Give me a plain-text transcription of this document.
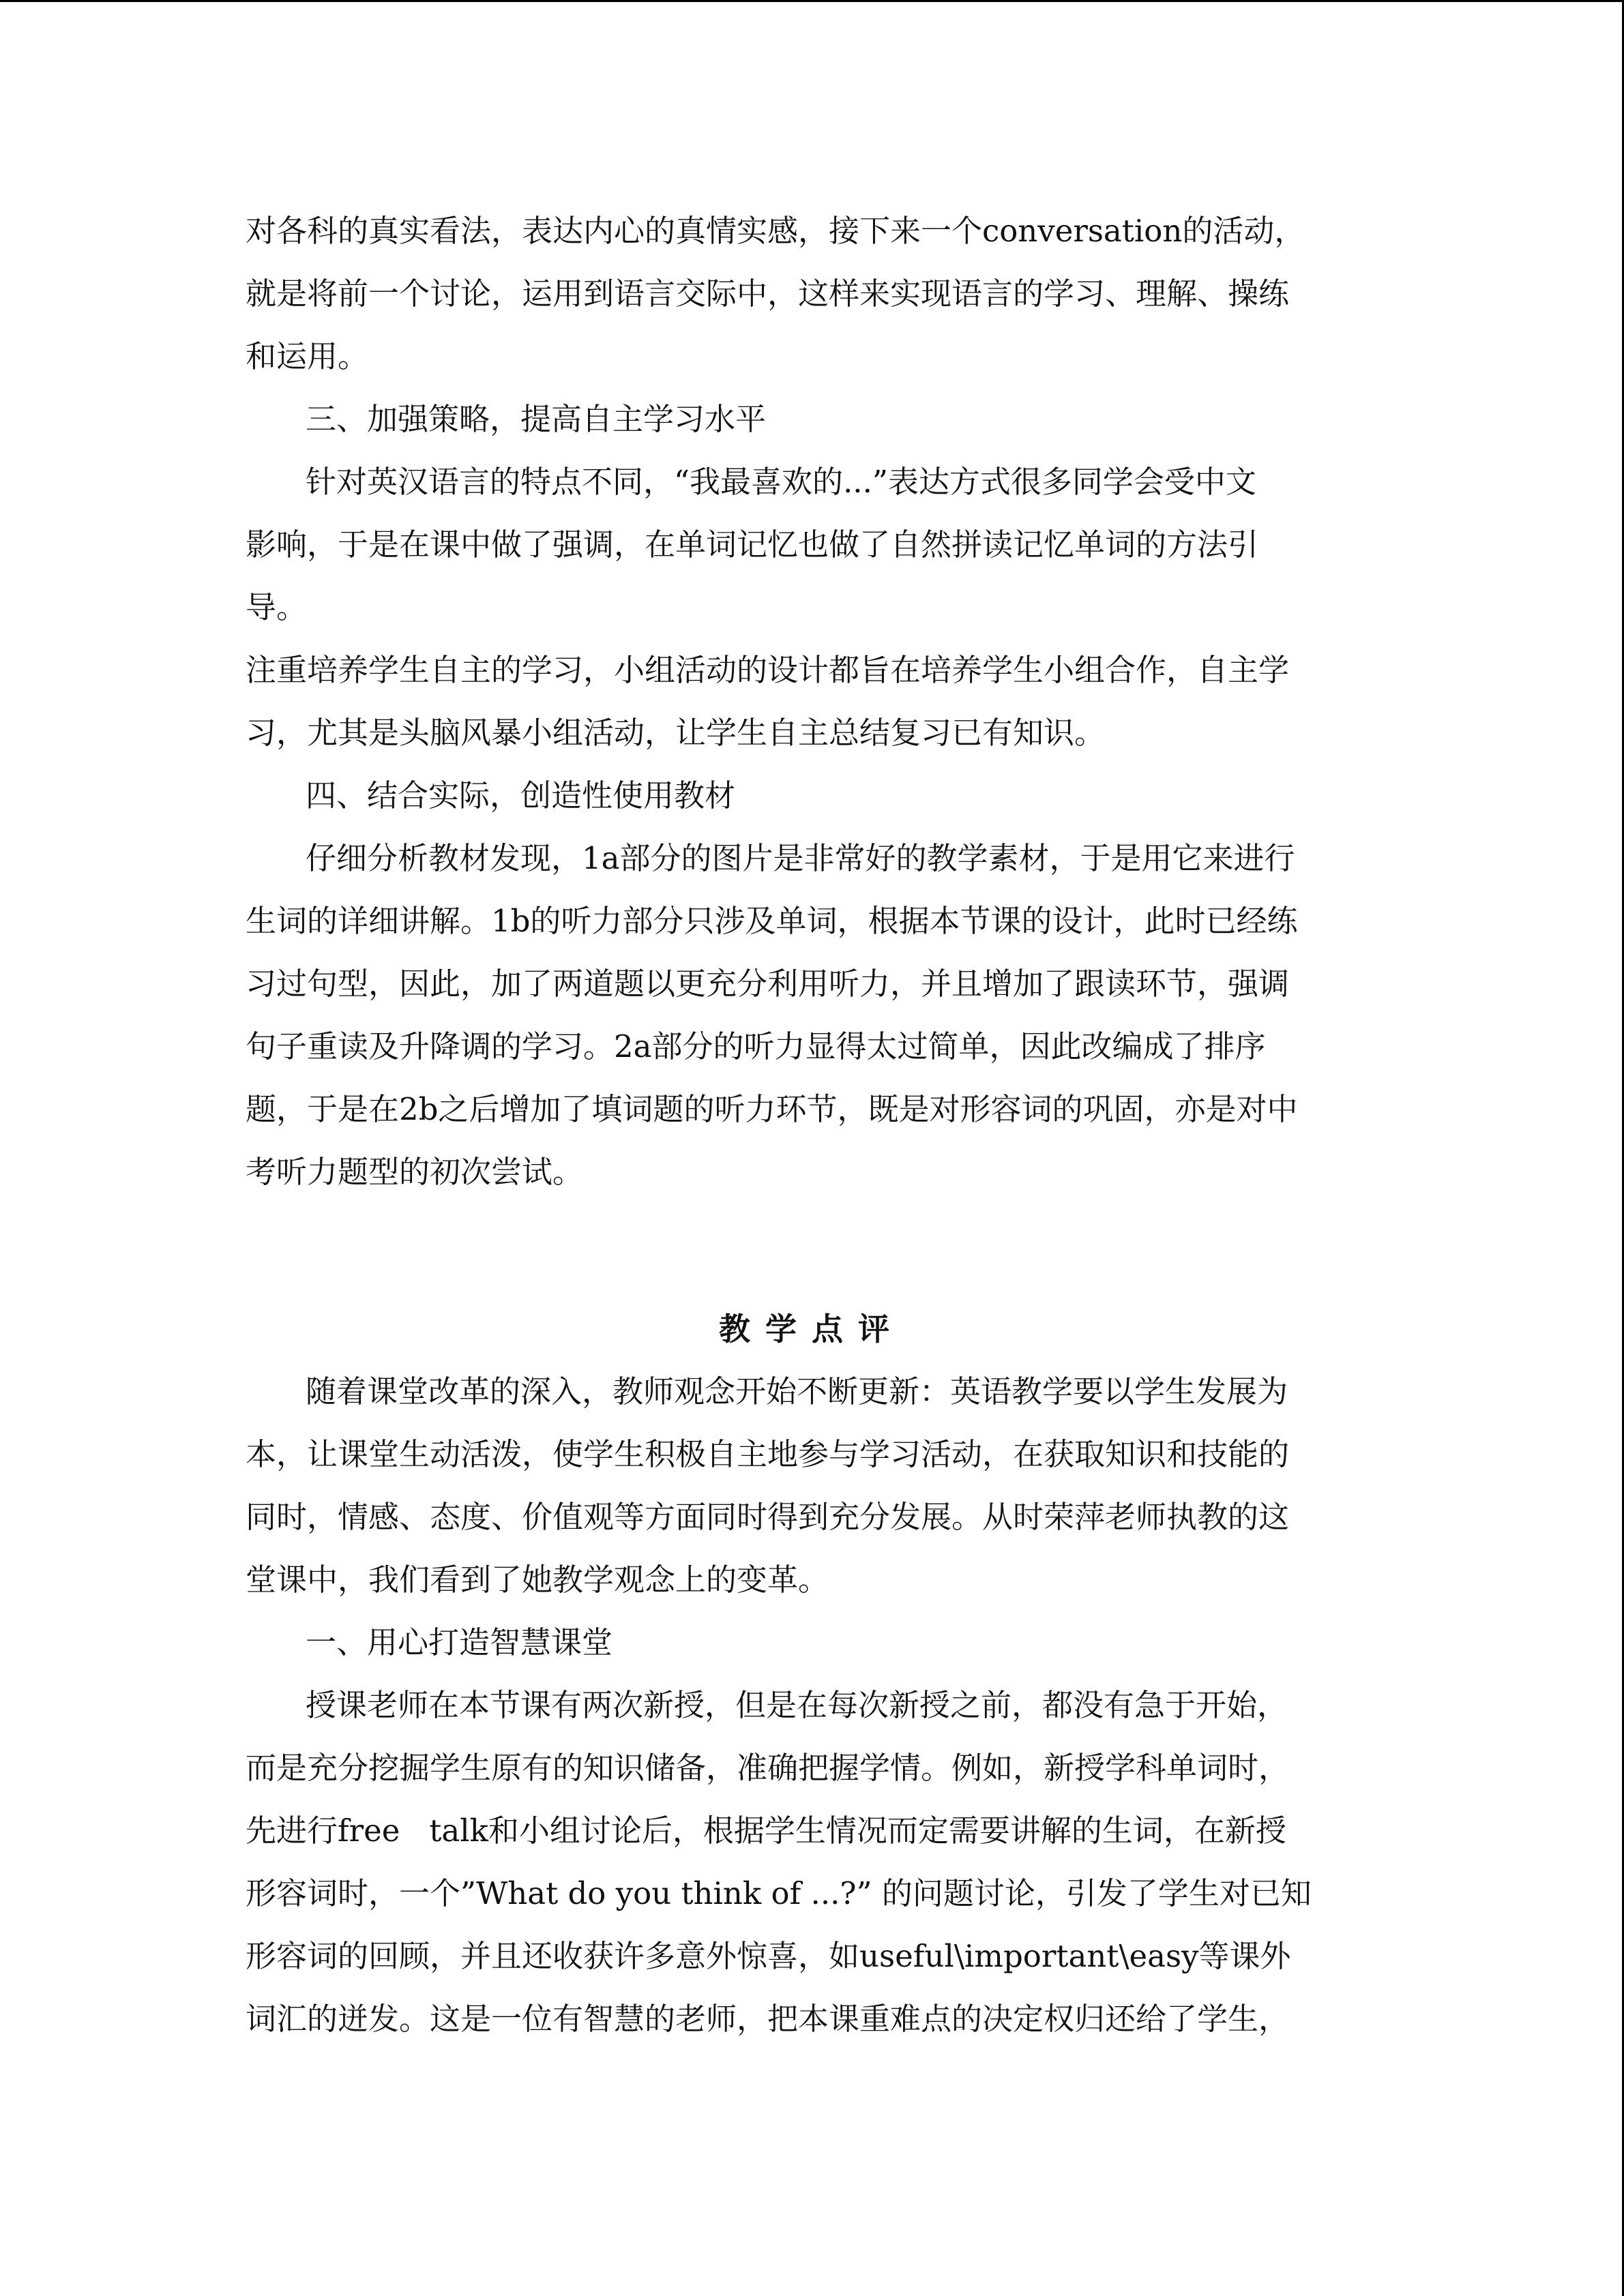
对各科的真实看法，表达内心的真情实感，接下来一个conversation的活动，
就是将前一个讨论，运用到语言交际中，这样来实现语言的学习、理解、操练
和运用。
三、加强策略，提高自主学习水平
针对英汉语言的特点不同，“我最喜欢的...”表达方式很多同学会受中文
影响，于是在课中做了强调，在单词记忆也做了自然拼读记忆单词的方法引
导。
注重培养学生自主的学习，小组活动的设计都旨在培养学生小组合作，自主学
习，尤其是头脑风暴小组活动，让学生自主总结复习已有知识。
四、结合实际，创造性使用教材
仔细分析教材发现，1a部分的图片是非常好的教学素材，于是用它来进行
生词的详细讲解。1b的听力部分只涉及单词，根据本节课的设计，此时已经练
习过句型，因此，加了两道题以更充分利用听力，并且增加了跟读环节，强调
句子重读及升降调的学习。2a部分的听力显得太过简单，因此改编成了排序
题，于是在2b之后增加了填词题的听力环节，既是对形容词的巩固，亦是对中
考听力题型的初次尝试。
教学点评
随着课堂改革的深入，教师观念开始不断更新：英语教学要以学生发展为
本，让课堂生动活泼，使学生积极自主地参与学习活动，在获取知识和技能的
同时，情感、态度、价值观等方面同时得到充分发展。从时荣萍老师执教的这
堂课中，我们看到了她教学观念上的变革。
一、用心打造智慧课堂
授课老师在本节课有两次新授，但是在每次新授之前，都没有急于开始，
而是充分挖掘学生原有的知识储备，准确把握学情。例如，新授学科单词时，
先进行free   talk和小组讨论后，根据学生情况而定需要讲解的生词，在新授
形容词时，一个”What do you think of ...?” 的问题讨论，引发了学生对已知
形容词的回顾，并且还收获许多意外惊喜，如useful\important\easy等课外
词汇的迸发。这是一位有智慧的老师，把本课重难点的决定权归还给了学生，
